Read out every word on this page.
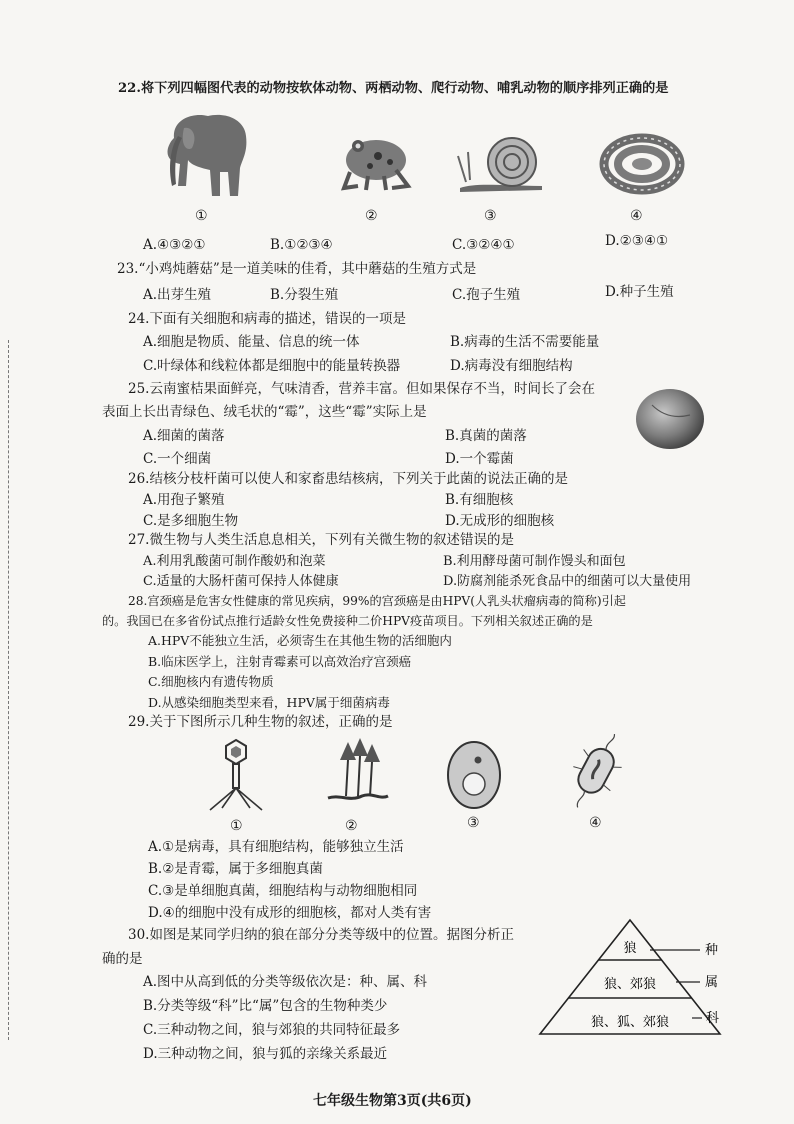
22.将下列四幅图代表的动物按软体动物、两栖动物、爬行动物、哺乳动物的顺序排列正确的是
①	②	③	④
A.④③②①	B.①②③④	C.③②④①	D.②③④①
23.“小鸡炖蘑菇”是一道美味的佳肴，其中蘑菇的生殖方式是
A.出芽生殖	B.分裂生殖	C.孢子生殖	D.种子生殖
24.下面有关细胞和病毒的描述，错误的一项是
A.细胞是物质、能量、信息的统一体	B.病毒的生活不需要能量
C.叶绿体和线粒体都是细胞中的能量转换器	D.病毒没有细胞结构
25.云南蜜桔果面鲜亮，气味清香，营养丰富。但如果保存不当，时间长了会在
表面上长出青绿色、绒毛状的“霉”，这些“霉”实际上是
A.细菌的菌落	B.真菌的菌落
C.一个细菌	D.一个霉菌
26.结核分枝杆菌可以使人和家畜患结核病，下列关于此菌的说法正确的是
A.用孢子繁殖	B.有细胞核
C.是多细胞生物	D.无成形的细胞核
27.微生物与人类生活息息相关，下列有关微生物的叙述错误的是
A.利用乳酸菌可制作酸奶和泡菜	B.利用酵母菌可制作馒头和面包
C.适量的大肠杆菌可保持人体健康	D.防腐剂能杀死食品中的细菌可以大量使用
28.宫颈癌是危害女性健康的常见疾病，99%的宫颈癌是由HPV(人乳头状瘤病毒的简称)引起
的。我国已在多省份试点推行适龄女性免费接种二价HPV疫苗项目。下列相关叙述正确的是
A.HPV不能独立生活，必须寄生在其他生物的活细胞内
B.临床医学上，注射青霉素可以高效治疗宫颈癌
C.细胞核内有遗传物质
D.从感染细胞类型来看，HPV属于细菌病毒
29.关于下图所示几种生物的叙述，正确的是
①	②	③	④
A.①是病毒，具有细胞结构，能够独立生活
B.②是青霉，属于多细胞真菌
C.③是单细胞真菌，细胞结构与动物细胞相同
D.④的细胞中没有成形的细胞核，都对人类有害
30.如图是某同学归纳的狼在部分分类等级中的位置。据图分析正
确的是
A.图中从高到低的分类等级依次是：种、属、科
B.分类等级“科”比“属”包含的生物种类少
C.三种动物之间，狼与郊狼的共同特征最多
D.三种动物之间，狼与狐的亲缘关系最近
狼
狼、郊狼
狼、狐、郊狼
种
属
科
七年级生物第3页(共6页)
